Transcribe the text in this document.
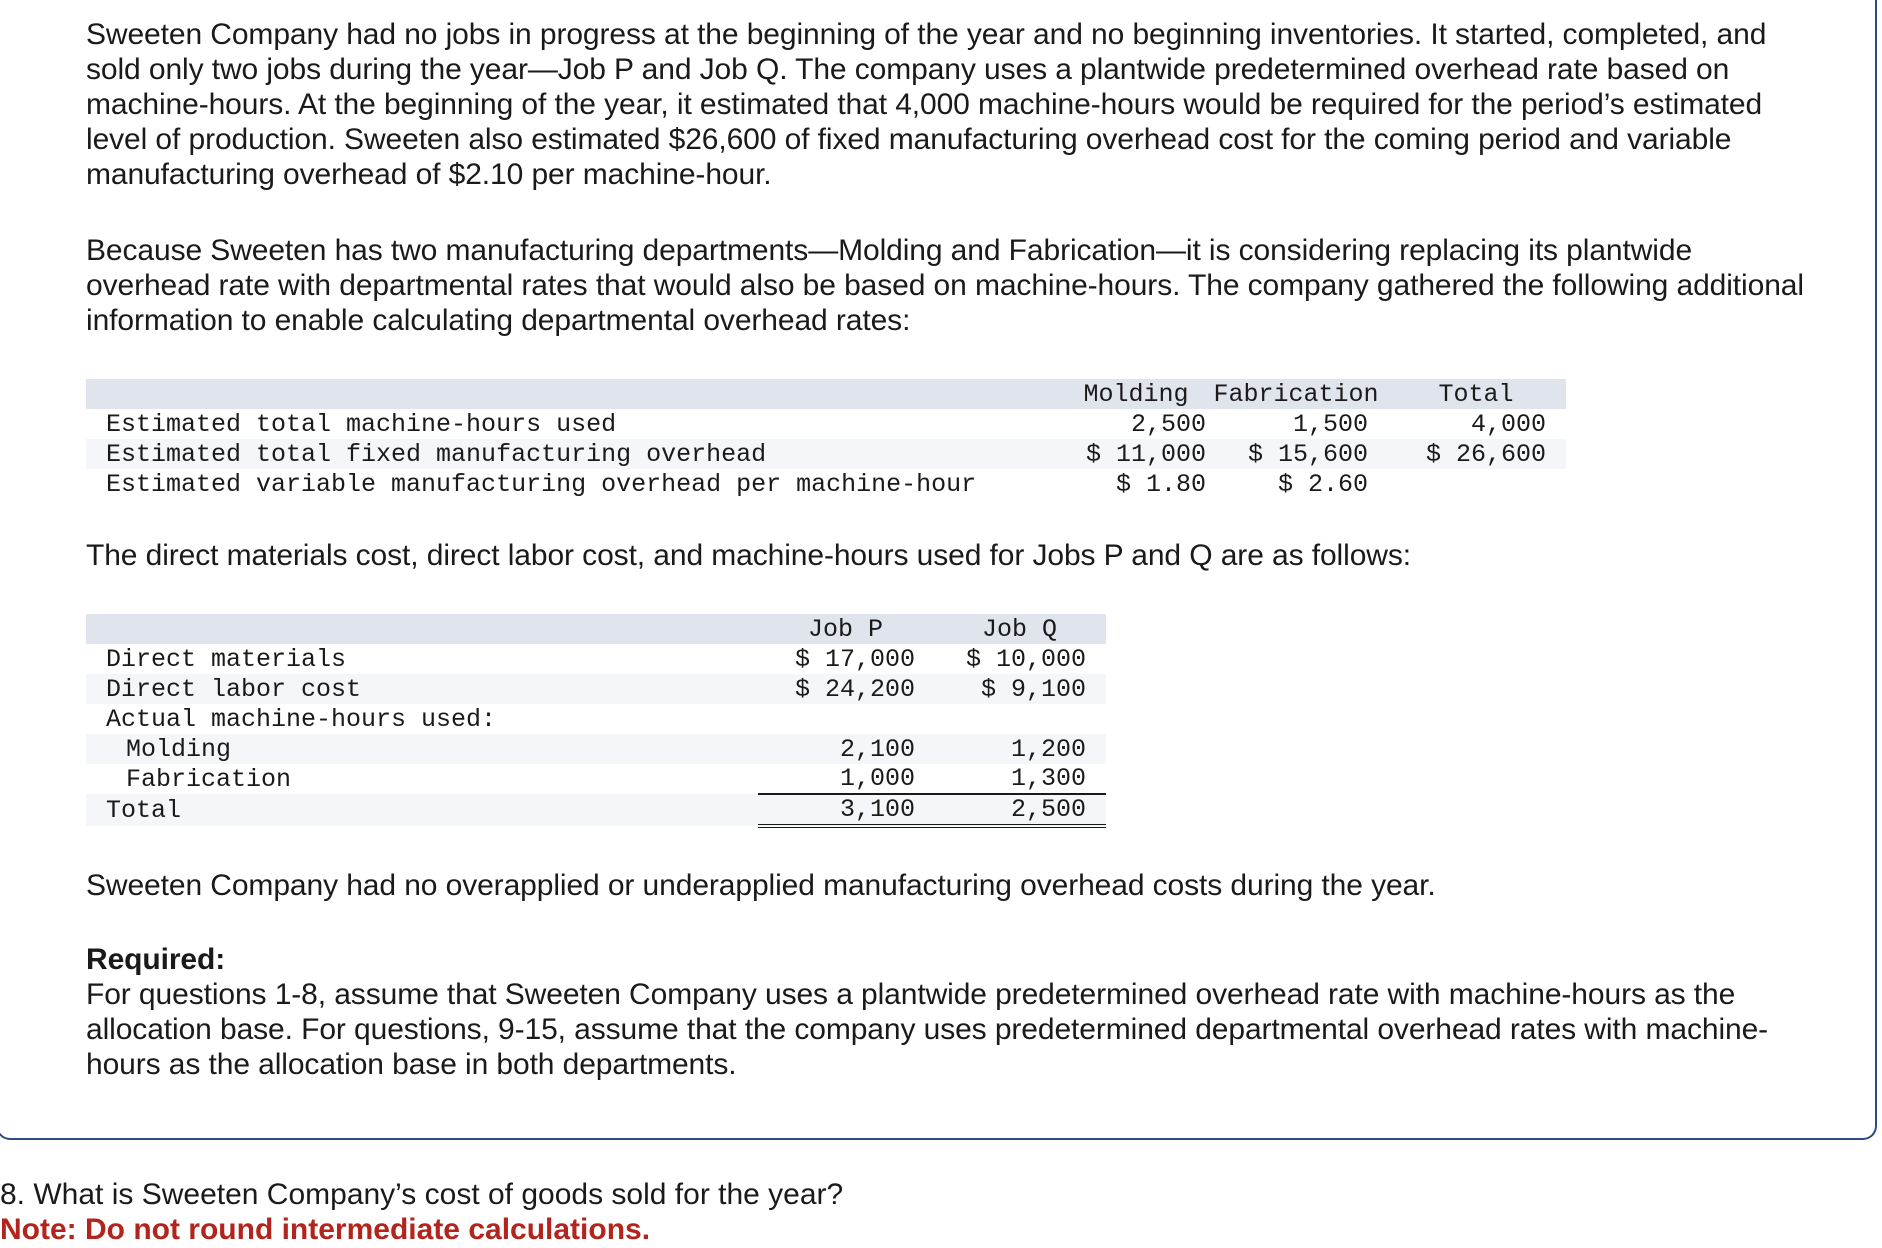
Sweeten Company had no jobs in progress at the beginning of the year and no beginning inventories. It started, completed, and sold only two jobs during the year—Job P and Job Q. The company uses a plantwide predetermined overhead rate based on machine-hours. At the beginning of the year, it estimated that 4,000 machine-hours would be required for the period’s estimated level of production. Sweeten also estimated $26,600 of fixed manufacturing overhead cost for the coming period and variable manufacturing overhead of $2.10 per machine-hour.

Because Sweeten has two manufacturing departments—Molding and Fabrication—it is considering replacing its plantwide overhead rate with departmental rates that would also be based on machine-hours. The company gathered the following additional information to enable calculating departmental overhead rates:

	Molding	Fabrication	Total
Estimated total machine-hours used	2,500	1,500	4,000
Estimated total fixed manufacturing overhead	$ 11,000	$ 15,600	$ 26,600
Estimated variable manufacturing overhead per machine-hour	$ 1.80	$ 2.60	

The direct materials cost, direct labor cost, and machine-hours used for Jobs P and Q are as follows:

	Job P	Job Q
Direct materials	$ 17,000	$ 10,000
Direct labor cost	$ 24,200	$ 9,100
Actual machine-hours used:		
Molding	2,100	1,200
Fabrication	1,000	1,300
Total	3,100	2,500

Sweeten Company had no overapplied or underapplied manufacturing overhead costs during the year.

Required:
For questions 1-8, assume that Sweeten Company uses a plantwide predetermined overhead rate with machine-hours as the allocation base. For questions, 9-15, assume that the company uses predetermined departmental overhead rates with machine-hours as the allocation base in both departments.

8. What is Sweeten Company’s cost of goods sold for the year?

Note: Do not round intermediate calculations.
